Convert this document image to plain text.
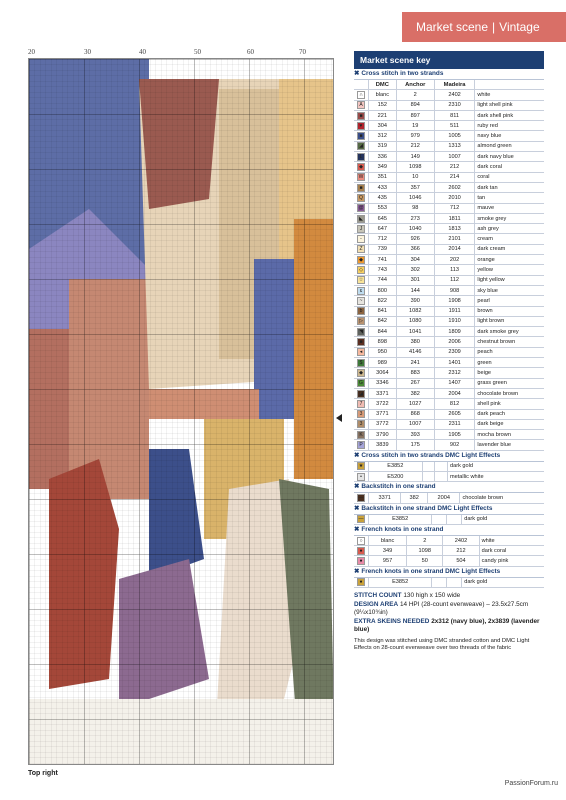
Market scene | Vintage
20	30	40	50	60	70
Top right
Market scene key
✖ Cross stitch in two strands
	DMC	Anchor	Madeira	
∩	blanc	2	2402	white
A	152	894	2310	light shell pink
■	221	897	811	dark shell pink
♥	304	19	511	ruby red
■	312	979	1005	navy blue
◢	319	212	1313	almond green
L	336	149	1007	dark navy blue
◆	349	1098	212	dark coral
W	351	10	214	coral
■	433	357	2602	dark tan
Q	435	1046	2010	tan
@	553	98	712	mauve
◣	645	273	1811	smoke grey
J	647	1040	1813	ash grey
-	712	926	2101	cream
Z	739	366	2014	dark cream
◆	741	304	202	orange
◇	743	302	113	yellow
☆	744	301	112	light yellow
ɛ	800	144	908	sky blue
~	822	390	1908	pearl
b	841	1082	1911	brown
▷	842	1080	1910	light brown
◥	844	1041	1809	dark smoke grey
■	898	380	2006	chestnut brown
◂	950	4146	2309	peach
$	989	241	1401	green
◆	3064	883	2312	beige
G	3346	267	1407	grass green
◪	3371	382	2004	chocolate brown
7	3722	1027	812	shell pink
3	3771	868	2605	dark peach
3	3772	1007	2311	dark beige
K	3790	393	1905	mocha brown
P	3839	175	902	lavender blue
✖ Cross stitch in two strands DMC Light Effects
★	E3852			dark gold
•	E5200			metallic white
✖ Backstitch in one strand
—	3371	382	2004	chocolate brown
✖ Backstitch in one strand DMC Light Effects
—	E3852			dark gold
✖ French knots in one strand
○	blanc	2	2402	white
●	349	1098	212	dark coral
●	957	50	504	candy pink
✖ French knots in one strand DMC Light Effects
●	E3852			dark gold
STITCH COUNT 130 high x 150 wide
DESIGN AREA 14 HPI (28-count evenweave) – 23.5x27.5cm (9¼x10¾in)
EXTRA SKEINS NEEDED 2x312 (navy blue), 2x3839 (lavender blue)
This design was stitched using DMC stranded cotton and DMC Light Effects on 28-count evenweave over two threads of the fabric
PassionForum.ru
